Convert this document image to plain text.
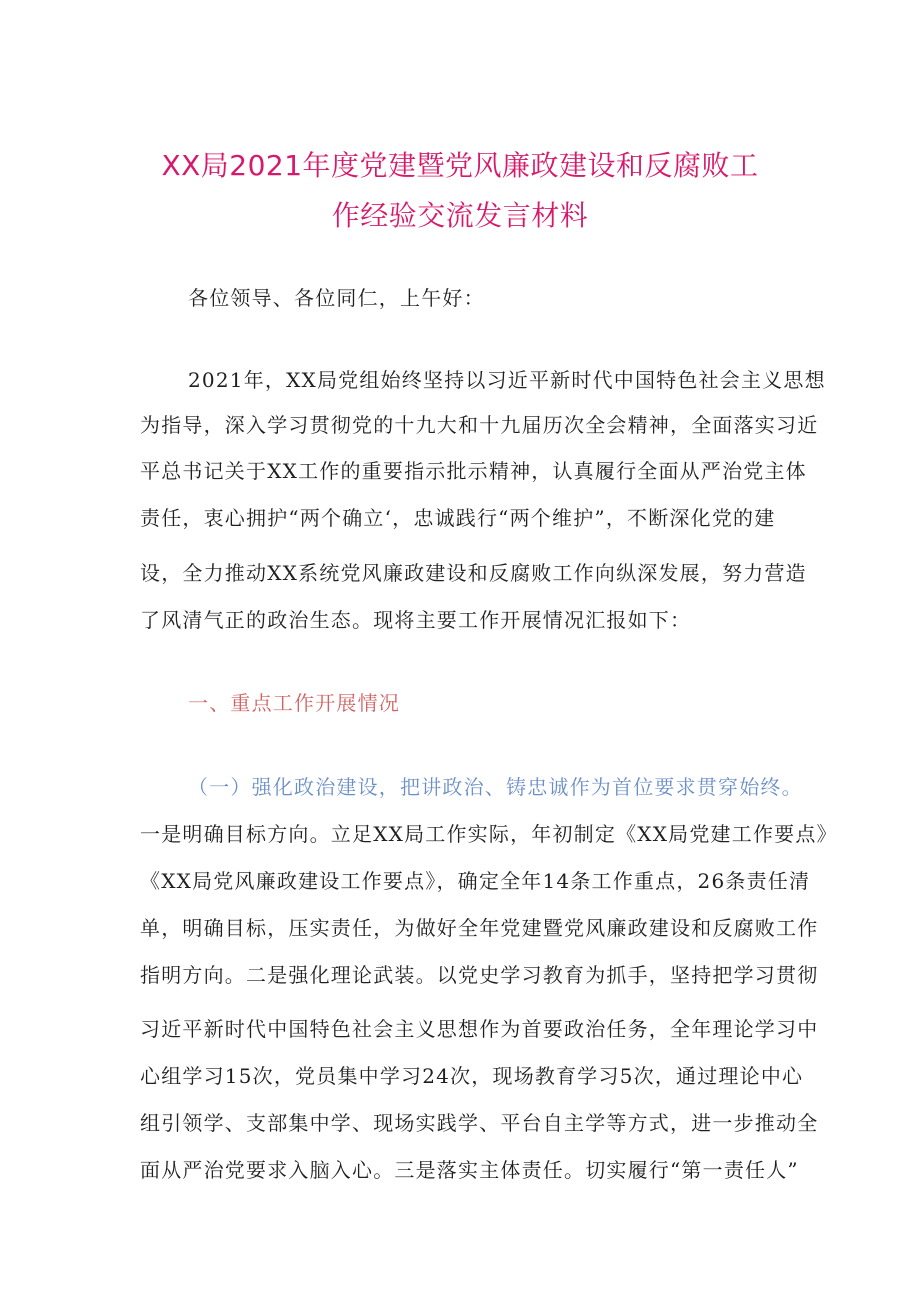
XX局2021年度党建暨党风廉政建设和反腐败工
作经验交流发言材料
各位领导、各位同仁，上午好：
2021年，XX局党组始终坚持以习近平新时代中国特色社会主义思想
为指导，深入学习贯彻党的十九大和十九届历次全会精神，全面落实习近
平总书记关于XX工作的重要指示批示精神，认真履行全面从严治党主体
责任，衷心拥护“两个确立‘，忠诚践行“两个维护”，不断深化党的建
设，全力推动XX系统党风廉政建设和反腐败工作向纵深发展，努力营造
了风清气正的政治生态。现将主要工作开展情况汇报如下：
一、重点工作开展情况
（一）强化政治建设，把讲政治、铸忠诚作为首位要求贯穿始终。
一是明确目标方向。立足XX局工作实际，年初制定《XX局党建工作要点》
《XX局党风廉政建设工作要点》，确定全年14条工作重点，26条责任清
单，明确目标，压实责任，为做好全年党建暨党风廉政建设和反腐败工作
指明方向。二是强化理论武装。以党史学习教育为抓手，坚持把学习贯彻
习近平新时代中国特色社会主义思想作为首要政治任务，全年理论学习中
心组学习15次，党员集中学习24次，现场教育学习5次，通过理论中心
组引领学、支部集中学、现场实践学、平台自主学等方式，进一步推动全
面从严治党要求入脑入心。三是落实主体责任。切实履行“第一责任人”
